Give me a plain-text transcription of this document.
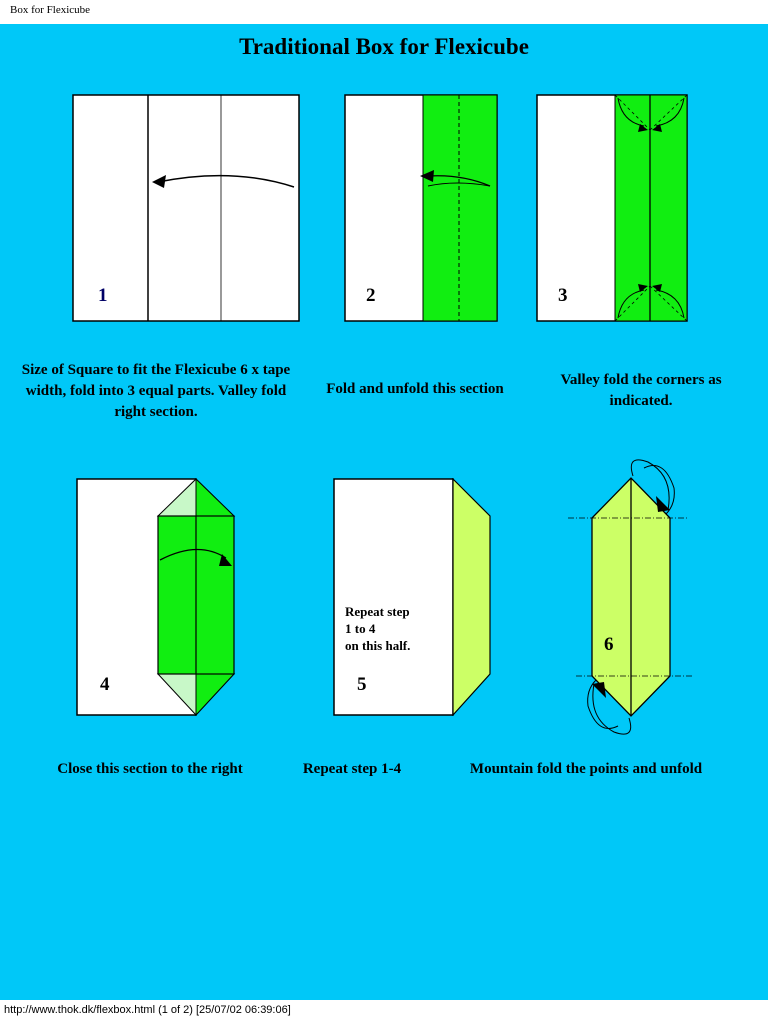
Box for Flexicube
Traditional Box for Flexicube
1	2	3
Size of Square to fit the Flexicube 6 x tape width, fold into 3 equal parts. Valley fold right section.
Fold and unfold this section
Valley fold the corners as indicated.
4
Repeat step
1 to 4
on this half.
5
6
Close this section to the right	Repeat step 1-4	Mountain fold the points and unfold
http://www.thok.dk/flexbox.html (1 of 2) [25/07/02 06:39:06]
